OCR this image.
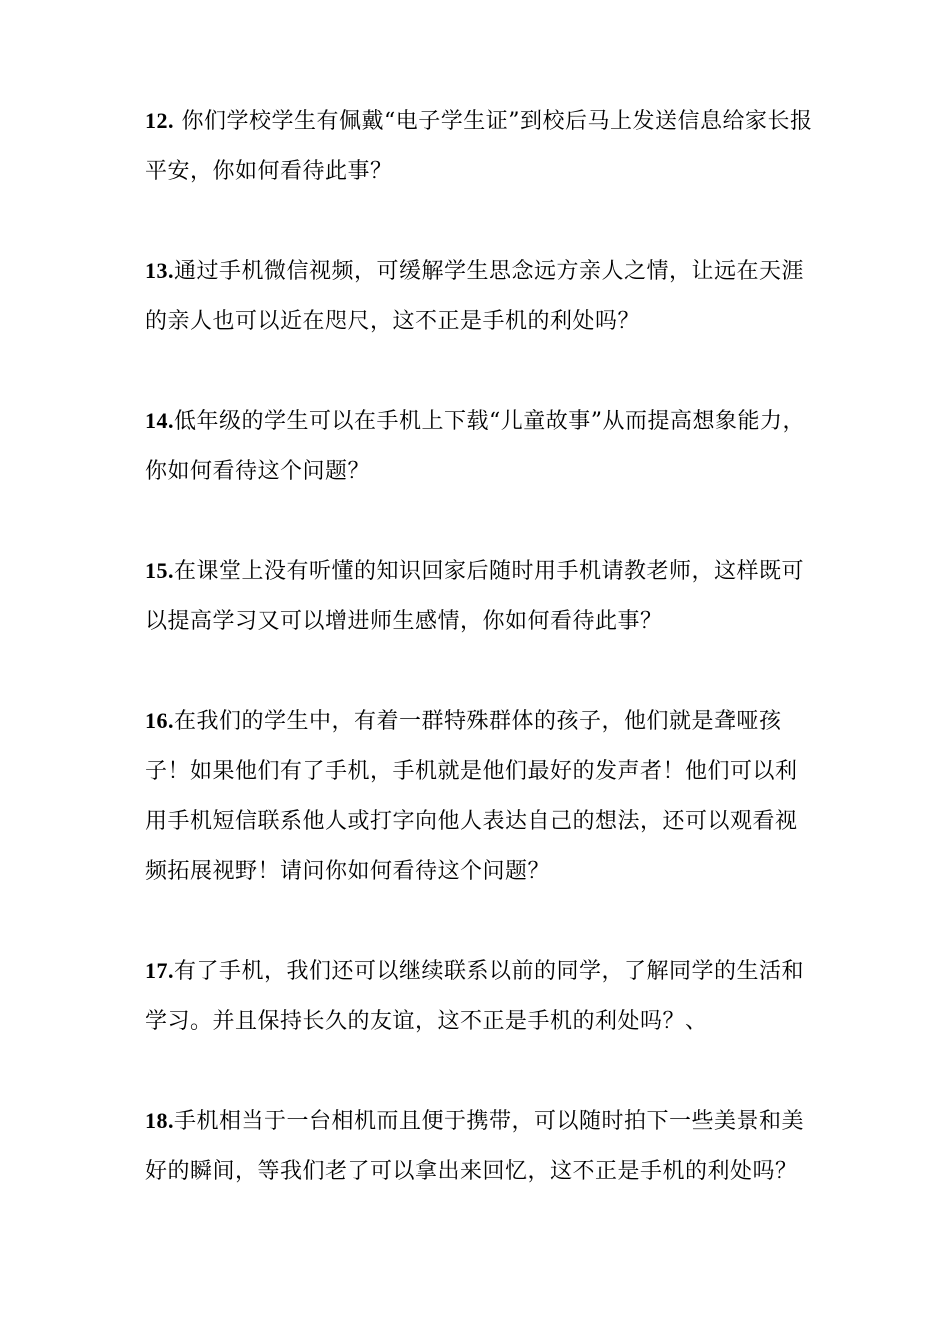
12. 你们学校学生有佩戴“电子学生证”到校后马上发送信息给家长报平安，你如何看待此事？

13.通过手机微信视频，可缓解学生思念远方亲人之情，让远在天涯的亲人也可以近在咫尺，这不正是手机的利处吗？

14.低年级的学生可以在手机上下载“儿童故事”从而提高想象能力，你如何看待这个问题？

15.在课堂上没有听懂的知识回家后随时用手机请教老师，这样既可以提高学习又可以增进师生感情，你如何看待此事？

16.在我们的学生中，有着一群特殊群体的孩子，他们就是聋哑孩子！如果他们有了手机，手机就是他们最好的发声者！他们可以利用手机短信联系他人或打字向他人表达自己的想法，还可以观看视频拓展视野！请问你如何看待这个问题？

17.有了手机，我们还可以继续联系以前的同学，了解同学的生活和学习。并且保持长久的友谊，这不正是手机的利处吗？、

18.手机相当于一台相机而且便于携带，可以随时拍下一些美景和美好的瞬间，等我们老了可以拿出来回忆，这不正是手机的利处吗？
